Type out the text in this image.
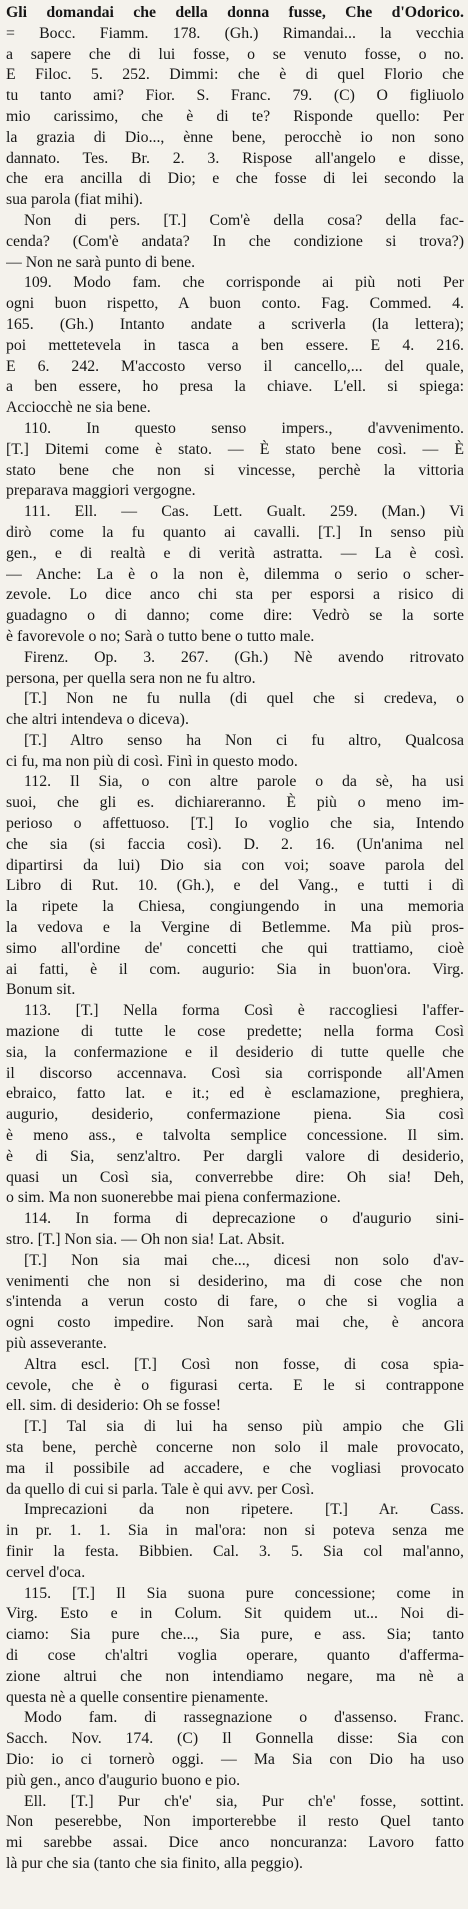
Gli domandai che della donna fusse, Che d'Odorico.
= Bocc. Fiamm. 178. (Gh.) Rimandai... la vecchia
a sapere che di lui fosse, o se venuto fosse, o no.
E Filoc. 5. 252. Dimmi: che è di quel Florio che
tu tanto ami? Fior. S. Franc. 79. (C) O figliuolo
mio carissimo, che è di te? Risponde quello: Per
la grazia di Dio..., ènne bene, perocchè io non sono
dannato. Tes. Br. 2. 3. Rispose all'angelo e disse,
che era ancilla di Dio; e che fosse di lei secondo la
sua parola (fiat mihi).
Non di pers. [T.] Com'è della cosa? della fac-
cenda? (Com'è andata? In che condizione si trova?)
— Non ne sarà punto di bene.
109. Modo fam. che corrisponde ai più noti Per
ogni buon rispetto, A buon conto. Fag. Commed. 4.
165. (Gh.) Intanto andate a scriverla (la lettera);
poi mettetevela in tasca a ben essere. E 4. 216.
E 6. 242. M'accosto verso il cancello,... del quale,
a ben essere, ho presa la chiave. L'ell. si spiega:
Acciocchè ne sia bene.
110. In questo senso impers., d'avvenimento.
[T.] Ditemi come è stato. — È stato bene così. — È
stato bene che non si vincesse, perchè la vittoria
preparava maggiori vergogne.
111. Ell. — Cas. Lett. Gualt. 259. (Man.) Vi
dirò come la fu quanto ai cavalli. [T.] In senso più
gen., e di realtà e di verità astratta. — La è così.
— Anche: La è o la non è, dilemma o serio o scher-
zevole. Lo dice anco chi sta per esporsi a risico di
guadagno o di danno; come dire: Vedrò se la sorte
è favorevole o no; Sarà o tutto bene o tutto male.
Firenz. Op. 3. 267. (Gh.) Nè avendo ritrovato
persona, per quella sera non ne fu altro.
[T.] Non ne fu nulla (di quel che si credeva, o
che altri intendeva o diceva).
[T.] Altro senso ha Non ci fu altro, Qualcosa
ci fu, ma non più di così. Finì in questo modo.
112. Il Sia, o con altre parole o da sè, ha usi
suoi, che gli es. dichiareranno. È più o meno im-
perioso o affettuoso. [T.] Io voglio che sia, Intendo
che sia (si faccia così). D. 2. 16. (Un'anima nel
dipartirsi da lui) Dio sia con voi; soave parola del
Libro di Rut. 10. (Gh.), e del Vang., e tutti i dì
la ripete la Chiesa, congiungendo in una memoria
la vedova e la Vergine di Betlemme. Ma più pros-
simo all'ordine de' concetti che qui trattiamo, cioè
ai fatti, è il com. augurio: Sia in buon'ora. Virg.
Bonum sit.
113. [T.] Nella forma Così è raccogliesi l'affer-
mazione di tutte le cose predette; nella forma Così
sia, la confermazione e il desiderio di tutte quelle che
il discorso accennava. Così sia corrisponde all'Amen
ebraico, fatto lat. e it.; ed è esclamazione, preghiera,
augurio, desiderio, confermazione piena. Sia così
è meno ass., e talvolta semplice concessione. Il sim.
è di Sia, senz'altro. Per dargli valore di desiderio,
quasi un Così sia, converrebbe dire: Oh sia! Deh,
o sim. Ma non suonerebbe mai piena confermazione.
114. In forma di deprecazione o d'augurio sini-
stro. [T.] Non sia. — Oh non sia! Lat. Absit.
[T.] Non sia mai che..., dicesi non solo d'av-
venimenti che non si desiderino, ma di cose che non
s'intenda a verun costo di fare, o che si voglia a
ogni costo impedire. Non sarà mai che, è ancora
più asseverante.
Altra escl. [T.] Così non fosse, di cosa spia-
cevole, che è o figurasi certa. E le si contrappone
ell. sim. di desiderio: Oh se fosse!
[T.] Tal sia di lui ha senso più ampio che Gli
sta bene, perchè concerne non solo il male provocato,
ma il possibile ad accadere, e che vogliasi provocato
da quello di cui si parla. Tale è qui avv. per Così.
Imprecazioni da non ripetere. [T.] Ar. Cass.
in pr. 1. 1. Sia in mal'ora: non si poteva senza me
finir la festa. Bibbien. Cal. 3. 5. Sia col mal'anno,
cervel d'oca.
115. [T.] Il Sia suona pure concessione; come in
Virg. Esto e in Colum. Sit quidem ut... Noi di-
ciamo: Sia pure che..., Sia pure, e ass. Sia; tanto
di cose ch'altri voglia operare, quanto d'afferma-
zione altrui che non intendiamo negare, ma nè a
questa nè a quelle consentire pienamente.
Modo fam. di rassegnazione o d'assenso. Franc.
Sacch. Nov. 174. (C) Il Gonnella disse: Sia con
Dio: io ci tornerò oggi. — Ma Sia con Dio ha uso
più gen., anco d'augurio buono e pio.
Ell. [T.] Pur ch'e' sia, Pur ch'e' fosse, sottint.
Non peserebbe, Non importerebbe il resto Quel tanto
mi sarebbe assai. Dice anco noncuranza: Lavoro fatto
là pur che sia (tanto che sia finito, alla peggio).
